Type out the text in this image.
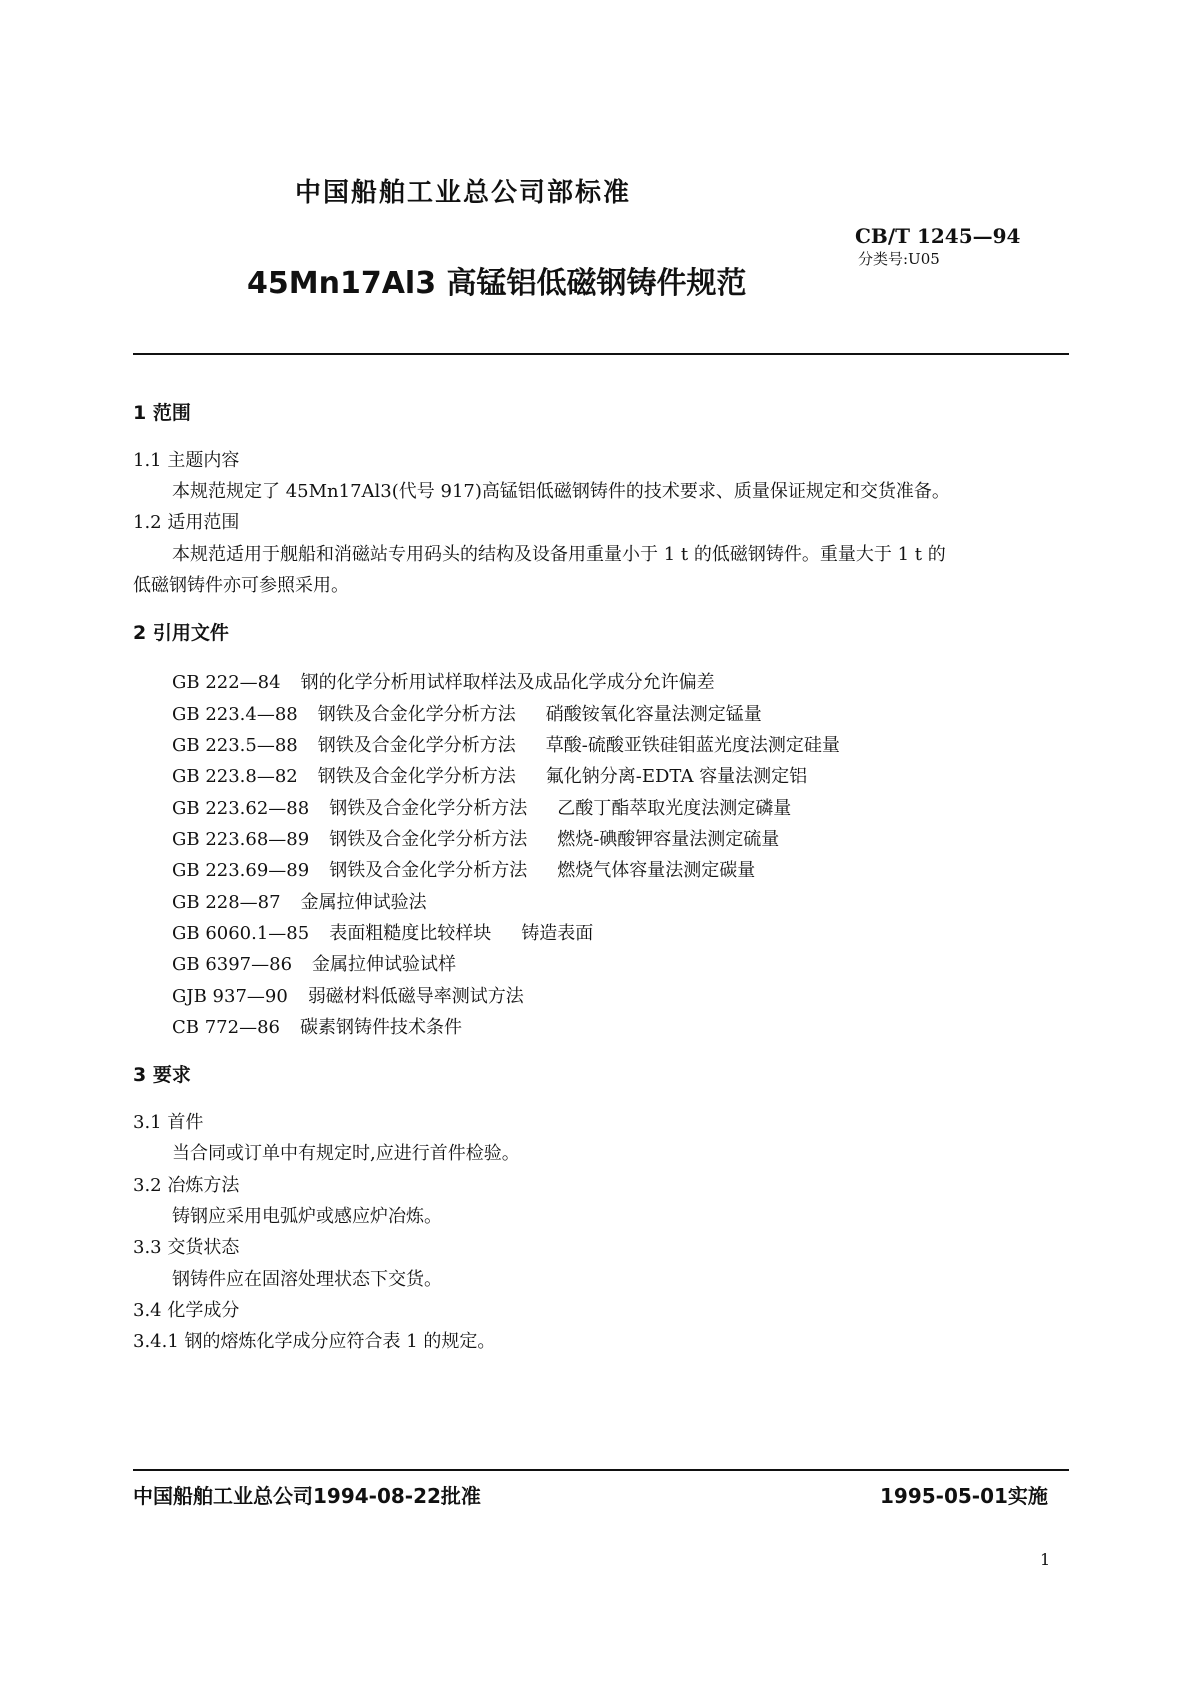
中国船舶工业总公司部标准
CB/T 1245—94
分类号:U05
45Mn17Al3 高锰铝低磁钢铸件规范
1 范围
1.1 主题内容
本规范规定了 45Mn17Al3(代号 917)高锰铝低磁钢铸件的技术要求、质量保证规定和交货准备。
1.2 适用范围
本规范适用于舰船和消磁站专用码头的结构及设备用重量小于 1 t 的低磁钢铸件。重量大于 1 t 的
低磁钢铸件亦可参照采用。
2 引用文件
GB 222—84 钢的化学分析用试样取样法及成品化学成分允许偏差
GB 223.4—88 钢铁及合金化学分析方法 硝酸铵氧化容量法测定锰量
GB 223.5—88 钢铁及合金化学分析方法 草酸-硫酸亚铁硅钼蓝光度法测定硅量
GB 223.8—82 钢铁及合金化学分析方法 氟化钠分离-EDTA 容量法测定铝
GB 223.62—88 钢铁及合金化学分析方法 乙酸丁酯萃取光度法测定磷量
GB 223.68—89 钢铁及合金化学分析方法 燃烧-碘酸钾容量法测定硫量
GB 223.69—89 钢铁及合金化学分析方法 燃烧气体容量法测定碳量
GB 228—87 金属拉伸试验法
GB 6060.1—85 表面粗糙度比较样块 铸造表面
GB 6397—86 金属拉伸试验试样
GJB 937—90 弱磁材料低磁导率测试方法
CB 772—86 碳素钢铸件技术条件
3 要求
3.1 首件
当合同或订单中有规定时,应进行首件检验。
3.2 冶炼方法
铸钢应采用电弧炉或感应炉冶炼。
3.3 交货状态
钢铸件应在固溶处理状态下交货。
3.4 化学成分
3.4.1 钢的熔炼化学成分应符合表 1 的规定。
中国船舶工业总公司1994-08-22批准	1995-05-01实施
1
